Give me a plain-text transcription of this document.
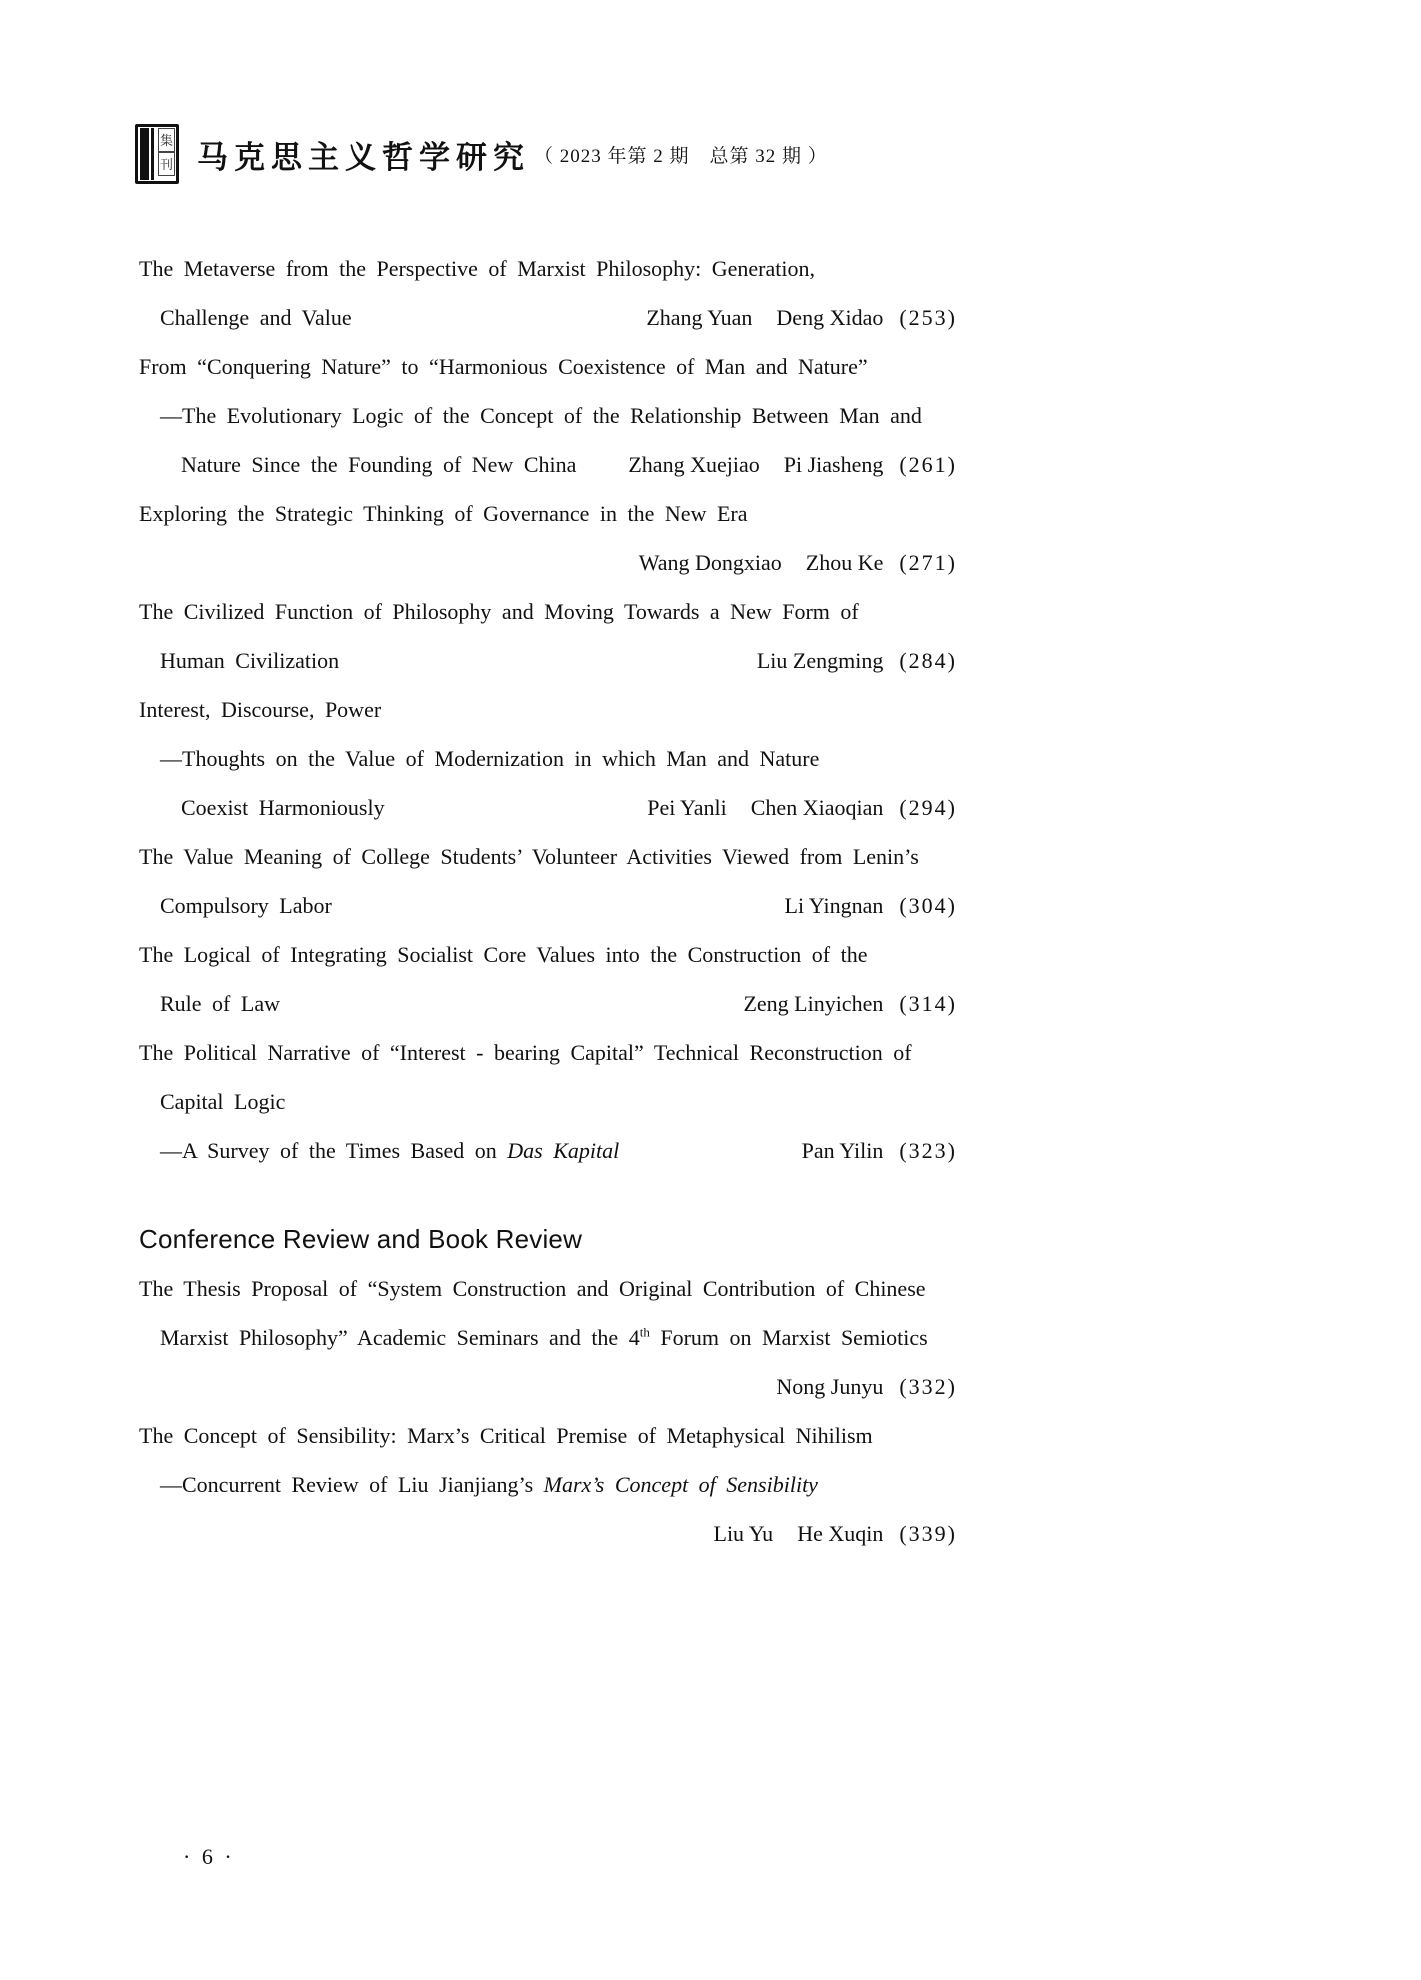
集
刊 马克思主义哲学研究 （ 2023 年第 2 期　总第 32 期 ）
The Metaverse from the Perspective of Marxist Philosophy: Generation,
Challenge and Value	Zhang Yuan Deng Xidao (253)
From “Conquering Nature” to “Harmonious Coexistence of Man and Nature”
—The Evolutionary Logic of the Concept of the Relationship Between Man and
Nature Since the Founding of New China Zhang Xuejiao Pi Jiasheng (261)
Exploring the Strategic Thinking of Governance in the New Era
Wang Dongxiao Zhou Ke (271)
The Civilized Function of Philosophy and Moving Towards a New Form of
Human Civilization	Liu Zengming (284)
Interest, Discourse, Power
—Thoughts on the Value of Modernization in which Man and Nature
Coexist Harmoniously	Pei Yanli Chen Xiaoqian (294)
The Value Meaning of College Students’ Volunteer Activities Viewed from Lenin’s
Compulsory Labor	Li Yingnan (304)
The Logical of Integrating Socialist Core Values into the Construction of the
Rule of Law	Zeng Linyichen (314)
The Political Narrative of “Interest - bearing Capital” Technical Reconstruction of
Capital Logic
—A Survey of the Times Based on Das Kapital	Pan Yilin (323)
Conference Review and Book Review
The Thesis Proposal of “System Construction and Original Contribution of Chinese
Marxist Philosophy” Academic Seminars and the 4th Forum on Marxist Semiotics
Nong Junyu (332)
The Concept of Sensibility: Marx’s Critical Premise of Metaphysical Nihilism
—Concurrent Review of Liu Jianjiang’s Marx’s Concept of Sensibility
Liu Yu He Xuqin (339)
· 6 ·
